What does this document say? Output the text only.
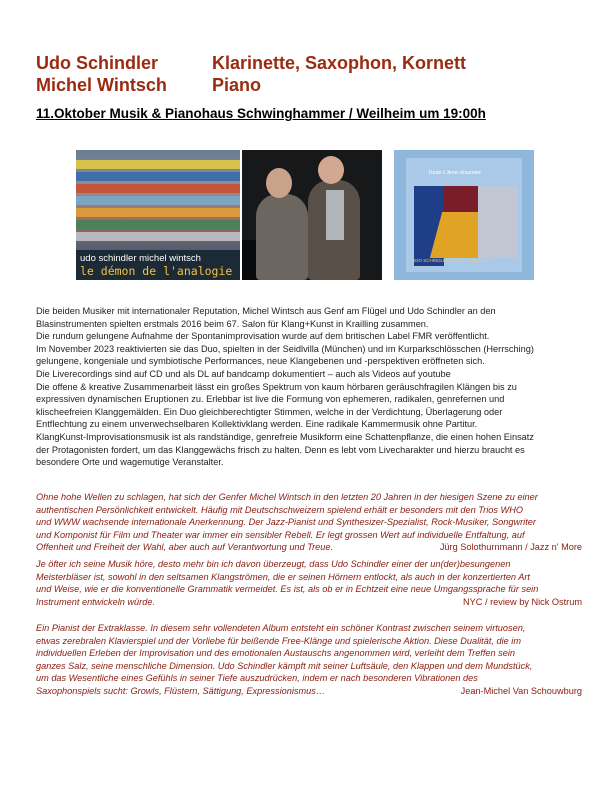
Udo Schindler	Klarinette, Saxophon, Kornett
Michel Wintsch	Piano
11.Oktober Musik & Pianohaus Schwinghammer / Weilheim um 19:00h
udo schindler michel wintsch
le démon de l'analogie
Toute L'âme résumée
UDO SCHINDLER MICHEL WINTSCH
Die beiden Musiker mit internationaler Reputation, Michel Wintsch aus Genf am Flügel und Udo Schindler an den
Blasinstrumenten spielten erstmals 2016 beim 67. Salon für Klang+Kunst in Krailling zusammen.
Die rundum gelungene Aufnahme der Spontanimprovisation wurde auf dem britischen Label FMR veröffentlicht.
Im November 2023 reaktivierten sie das Duo, spielten in der Seidlvilla (München) und im Kurparkschlösschen (Herrsching)
gelungene, kongeniale und symbiotische Performances, neue Klangebenen und -perspektiven eröffneten sich.
Die Liverecordings sind auf CD und als DL auf bandcamp dokumentiert – auch als Videos auf youtube
Die offene & kreative Zusammenarbeit lässt ein großes Spektrum von kaum hörbaren geräuschfragilen Klängen bis zu
expressiven dynamischen Eruptionen zu. Erlebbar ist live die Formung von ephemeren, radikalen, genrefernen und
klischeefreien Klanggemälden. Ein Duo gleichberechtigter Stimmen, welche in der Verdichtung, Überlagerung oder
Entflechtung zu einem unverwechselbaren Kollektivklang werden. Eine radikale Kammermusik ohne Partitur.
KlangKunst-Improvisationsmusik ist als randständige, genrefreie Musikform eine Schattenpflanze, die einen hohen Einsatz
der Protagonisten fordert, um das Klanggewächs frisch zu halten. Denn es lebt vom Livecharakter und hierzu braucht es
besondere Orte und wagemutige Veranstalter.
Ohne hohe Wellen zu schlagen, hat sich der Genfer Michel Wintsch in den letzten 20 Jahren in der hiesigen Szene zu einer
authentischen Persönlichkeit entwickelt. Häufig mit Deutschschweizern spielend erhält er besonders mit den Trios WHO
und WWW wachsende internationale Anerkennung. Der Jazz-Pianist und Synthesizer-Spezialist, Rock-Musiker, Songwriter
und Komponist für Film und Theater war immer ein sensibler Rebell. Er legt grossen Wert auf individuelle Entfaltung, auf
Offenheit und Freiheit der Wahl, aber auch auf Verantwortung und Treue.	Jürg Solothurnmann / Jazz n' More
Je öfter ich seine Musik höre, desto mehr bin ich davon überzeugt, dass Udo Schindler einer der un(der)besungenen
Meisterbläser ist, sowohl in den seltsamen Klangströmen, die er seinen Hörnern entlockt, als auch in der konzertierten Art
und Weise, wie er die konventionelle Grammatik vermeidet. Es ist, als ob er in Echtzeit eine neue Umgangssprache für sein
Instrument entwickeln würde.	NYC / review by Nick Ostrum
Ein Pianist der Extraklasse. In diesem sehr vollendeten Album entsteht ein schöner Kontrast zwischen seinem virtuosen,
etwas zerebralen Klavierspiel und der Vorliebe für beißende Free-Klänge und spielerische Aktion. Diese Dualität, die im
individuellen Erleben der Improvisation und des emotionalen Austauschs angenommen wird, verleiht dem Treffen sein
ganzes Salz, seine menschliche Dimension. Udo Schindler kämpft mit seiner Luftsäule, den Klappen und dem Mundstück,
um das Wesentliche eines Gefühls in seiner Tiefe auszudrücken, indem er nach besonderen Vibrationen des
Saxophonspiels sucht: Growls, Flüstern, Sättigung, Expressionismus…	Jean-Michel Van Schouwburg
